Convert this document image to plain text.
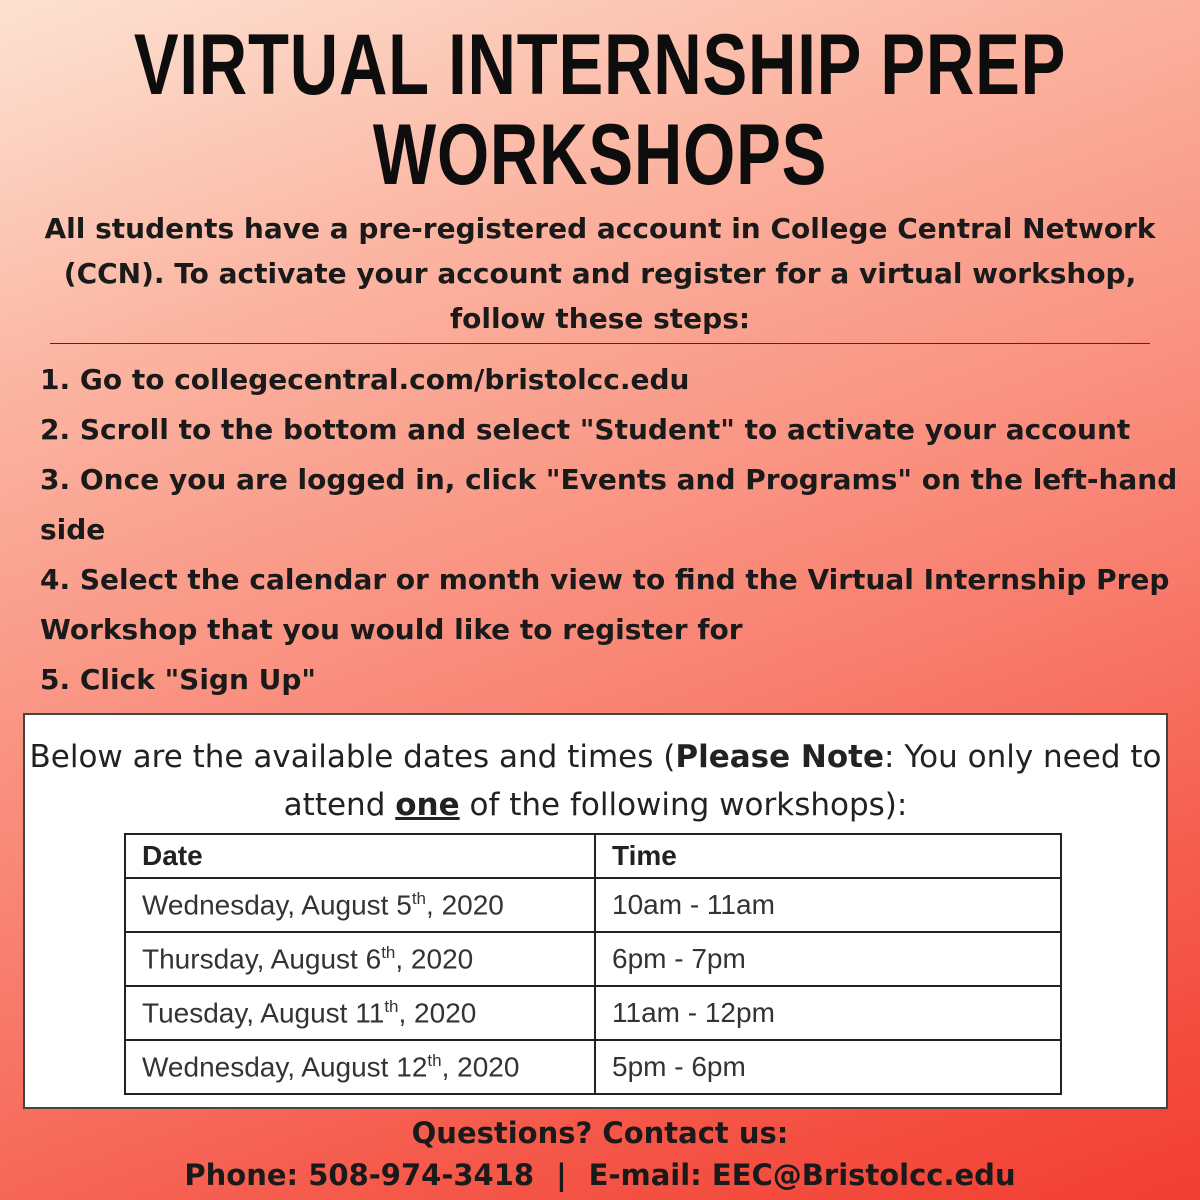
VIRTUAL INTERNSHIP PREP
WORKSHOPS
All students have a pre-registered account in College Central Network
(CCN). To activate your account and register for a virtual workshop,
follow these steps:
1. Go to collegecentral.com/bristolcc.edu
2. Scroll to the bottom and select "Student" to activate your account
3. Once you are logged in, click "Events and Programs" on the left-hand side
4. Select the calendar or month view to find the Virtual Internship Prep Workshop that you would like to register for
5. Click "Sign Up"
Below are the available dates and times (Please Note: You only need to attend one of the following workshops):
Date	Time
Wednesday, August 5th, 2020	10am - 11am
Thursday, August 6th, 2020	6pm - 7pm
Tuesday, August 11th, 2020	11am - 12pm
Wednesday, August 12th, 2020	5pm - 6pm
Questions? Contact us:
Phone: 508-974-3418 | E-mail: EEC@Bristolcc.edu
